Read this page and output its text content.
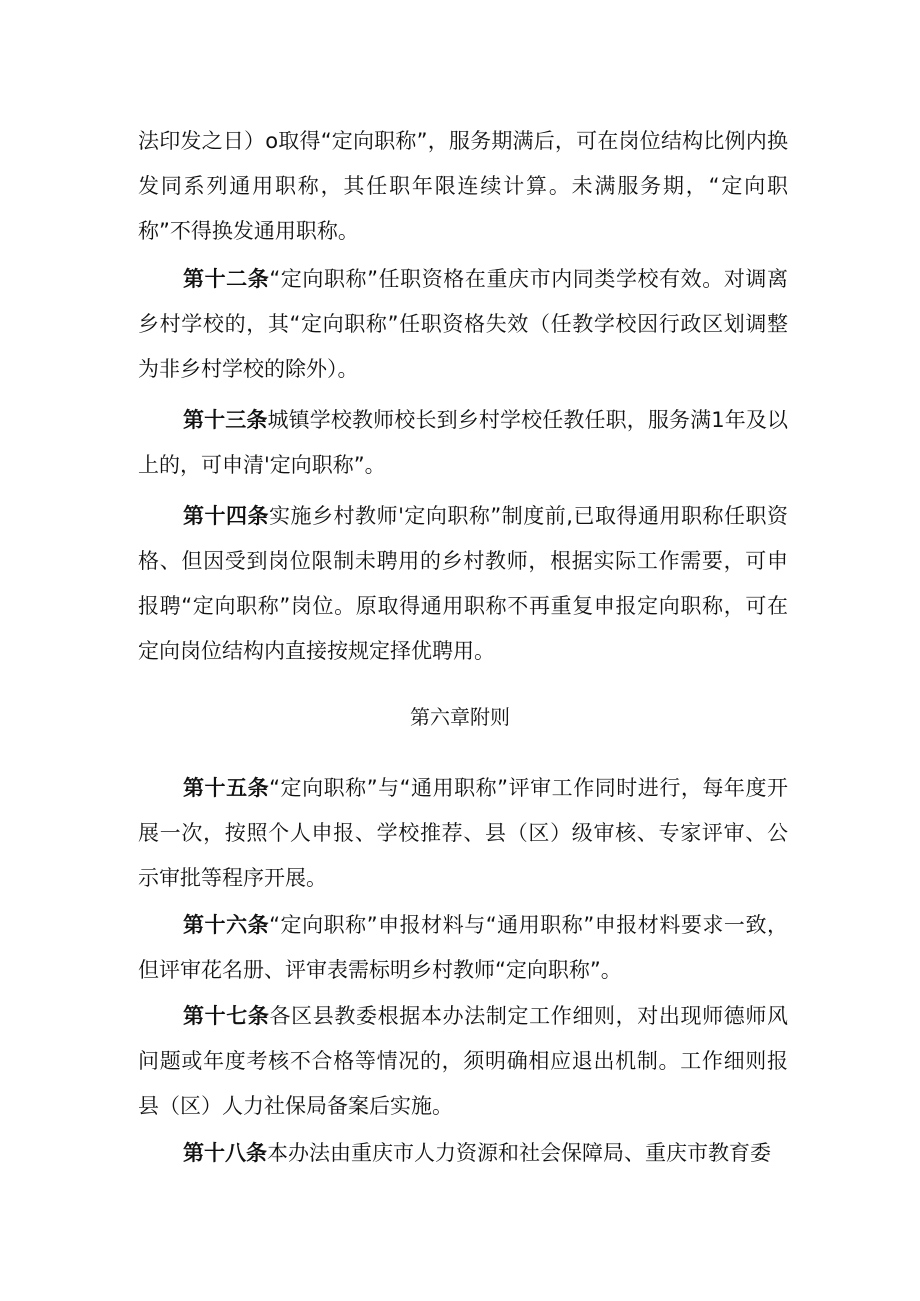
法印发之日）o取得“定向职称”，服务期满后，可在岗位结构比例内换发同系列通用职称，其任职年限连续计算。未满服务期，“定向职称”不得换发通用职称。

第十二条“定向职称”任职资格在重庆市内同类学校有效。对调离乡村学校的，其“定向职称”任职资格失效（任教学校因行政区划调整为非乡村学校的除外）。

第十三条城镇学校教师校长到乡村学校任教任职，服务满1年及以上的，可申清'定向职称”。

第十四条实施乡村教师'定向职称”制度前,已取得通用职称任职资格、但因受到岗位限制未聘用的乡村教师，根据实际工作需要，可申报聘“定向职称”岗位。原取得通用职称不再重复申报定向职称，可在定向岗位结构内直接按规定择优聘用。

第六章附则

第十五条“定向职称”与“通用职称”评审工作同时进行，每年度开展一次，按照个人申报、学校推荐、县（区）级审核、专家评审、公示审批等程序开展。

第十六条“定向职称”申报材料与“通用职称”申报材料要求一致，但评审花名册、评审表需标明乡村教师“定向职称”。

第十七条各区县教委根据本办法制定工作细则，对出现师德师风问题或年度考核不合格等情况的，须明确相应退出机制。工作细则报县（区）人力社保局备案后实施。

第十八条本办法由重庆市人力资源和社会保障局、重庆市教育委
